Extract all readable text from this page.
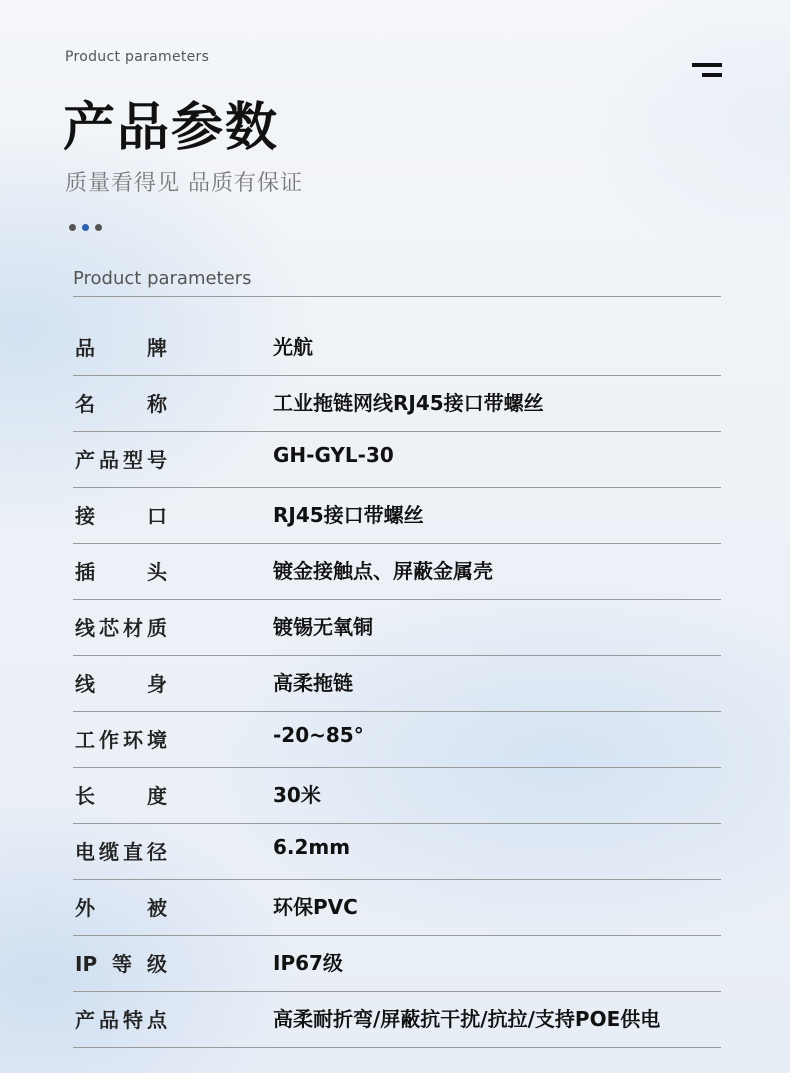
Product parameters

产品参数

质量看得见 品质有保证

Product parameters

品牌	光航
名称	工业拖链网线RJ45接口带螺丝
产品型号	GH-GYL-30
接口	RJ45接口带螺丝
插头	镀金接触点、屏蔽金属壳
线芯材质	镀锡无氧铜
线身	高柔拖链
工作环境	-20~85°
长度	30米
电缆直径	6.2mm
外被	环保PVC
IP等级	IP67级
产品特点	高柔耐折弯/屏蔽抗干扰/抗拉/支持POE供电
